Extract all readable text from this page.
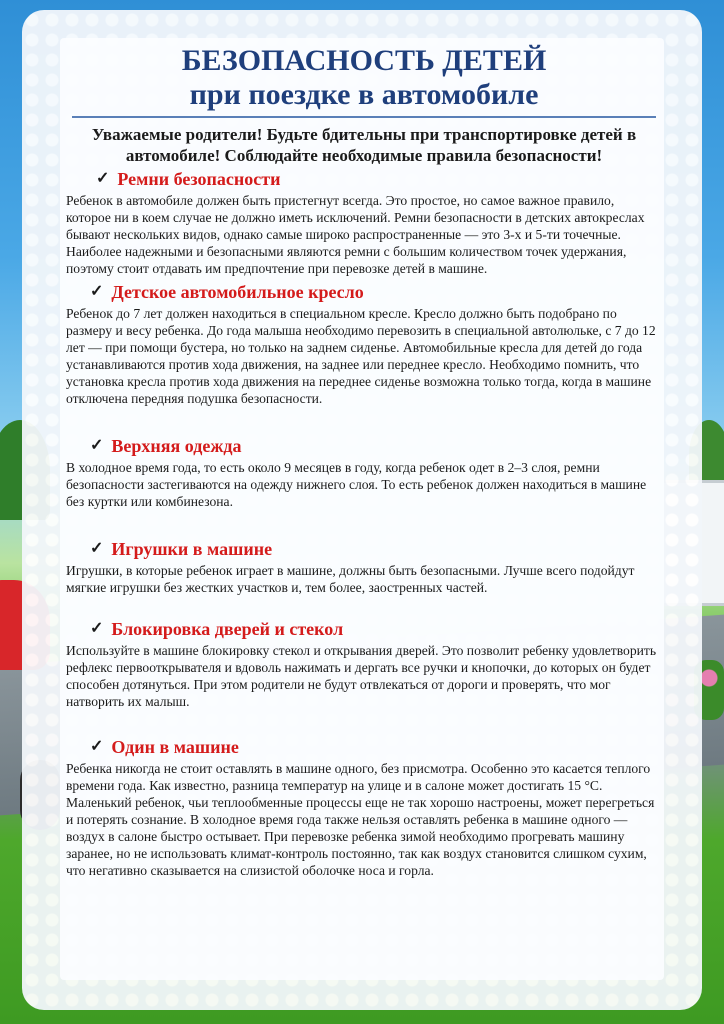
БЕЗОПАСНОСТЬ ДЕТЕЙ
при поездке в автомобиле

Уважаемые родители! Будьте бдительны при транспортировке детей в автомобиле! Соблюдайте необходимые правила безопасности!

✓ Ремни безопасности

Ребенок в автомобиле должен быть пристегнут всегда. Это простое, но самое важное правило, которое ни в коем случае не должно иметь исключений. Ремни безопасности в детских автокреслах бывают нескольких видов, однако самые широко распространенные — это 3-х и 5-ти точечные. Наиболее надежными и безопасными являются ремни с большим количеством точек удержания, поэтому стоит отдавать им предпочтение при перевозке детей в машине.

✓ Детское автомобильное кресло

Ребенок до 7 лет должен находиться в специальном кресле. Кресло должно быть подобрано по размеру и весу ребенка. До года малыша необходимо перевозить в специальной автолюльке, с 7 до 12 лет — при помощи бустера, но только на заднем сиденье. Автомобильные кресла для детей до года устанавливаются против хода движения, на заднее или переднее кресло. Необходимо помнить, что установка кресла против хода движения на переднее сиденье возможна только тогда, когда в машине отключена передняя подушка безопасности.

✓ Верхняя одежда

В холодное время года, то есть около 9 месяцев в году, когда ребенок одет в 2–3 слоя, ремни безопасности застегиваются на одежду нижнего слоя. То есть ребенок должен находиться в машине без куртки или комбинезона.

✓ Игрушки в машине

Игрушки, в которые ребенок играет в машине, должны быть безопасными. Лучше всего подойдут мягкие игрушки без жестких участков и, тем более, заостренных частей.

✓ Блокировка дверей и стекол

Используйте в машине блокировку стекол и открывания дверей. Это позволит ребенку удовлетворить рефлекс первооткрывателя и вдоволь нажимать и дергать все ручки и кнопочки, до которых он будет способен дотянуться. При этом родители не будут отвлекаться от дороги и проверять, что мог натворить их малыш.

✓ Один в машине

Ребенка никогда не стоит оставлять в машине одного, без присмотра. Особенно это касается теплого времени года. Как известно, разница температур на улице и в салоне может достигать 15 °С. Маленький ребенок, чьи теплообменные процессы еще не так хорошо настроены, может перегреться и потерять сознание. В холодное время года также нельзя оставлять ребенка в машине одного — воздух в салоне быстро остывает. При перевозке ребенка зимой необходимо прогревать машину заранее, но не использовать климат-контроль постоянно, так как воздух становится слишком сухим, что негативно сказывается на слизистой оболочке носа и горла.
